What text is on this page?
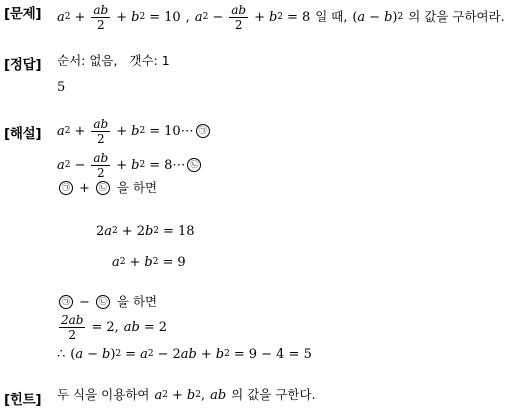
[문제] a $2 + \frac{ab}{2} + b$ 2 = 10 , a $2 - \frac{ab}{2} + b$ 2 = 8 일 때, ( a − b ) 2 의 값을 구하여라.
[정답] 순서: 없음, 갯수: 1
5
[해설] a $2 + \frac{ab}{2} + b$ 2 = 10 ⋯ ㉠
a $2 - \frac{ab}{2} + b$ 2 = 8 ⋯ ㉡
㉠ +	㉡ 을 하면
2 a 2 + 2 b 2 = 18
a 2 + b 2 = 9
㉠ −	㉡ 을 하면
$\frac{2ab}{2} = 2$, ab = 2
∴ ( a − b ) 2 = a 2 − 2 ab + b 2 = 9 − 4 = 5
[힌트] 두 식을 이용하여 a 2 + b 2 , ab 의 값을 구한다.
